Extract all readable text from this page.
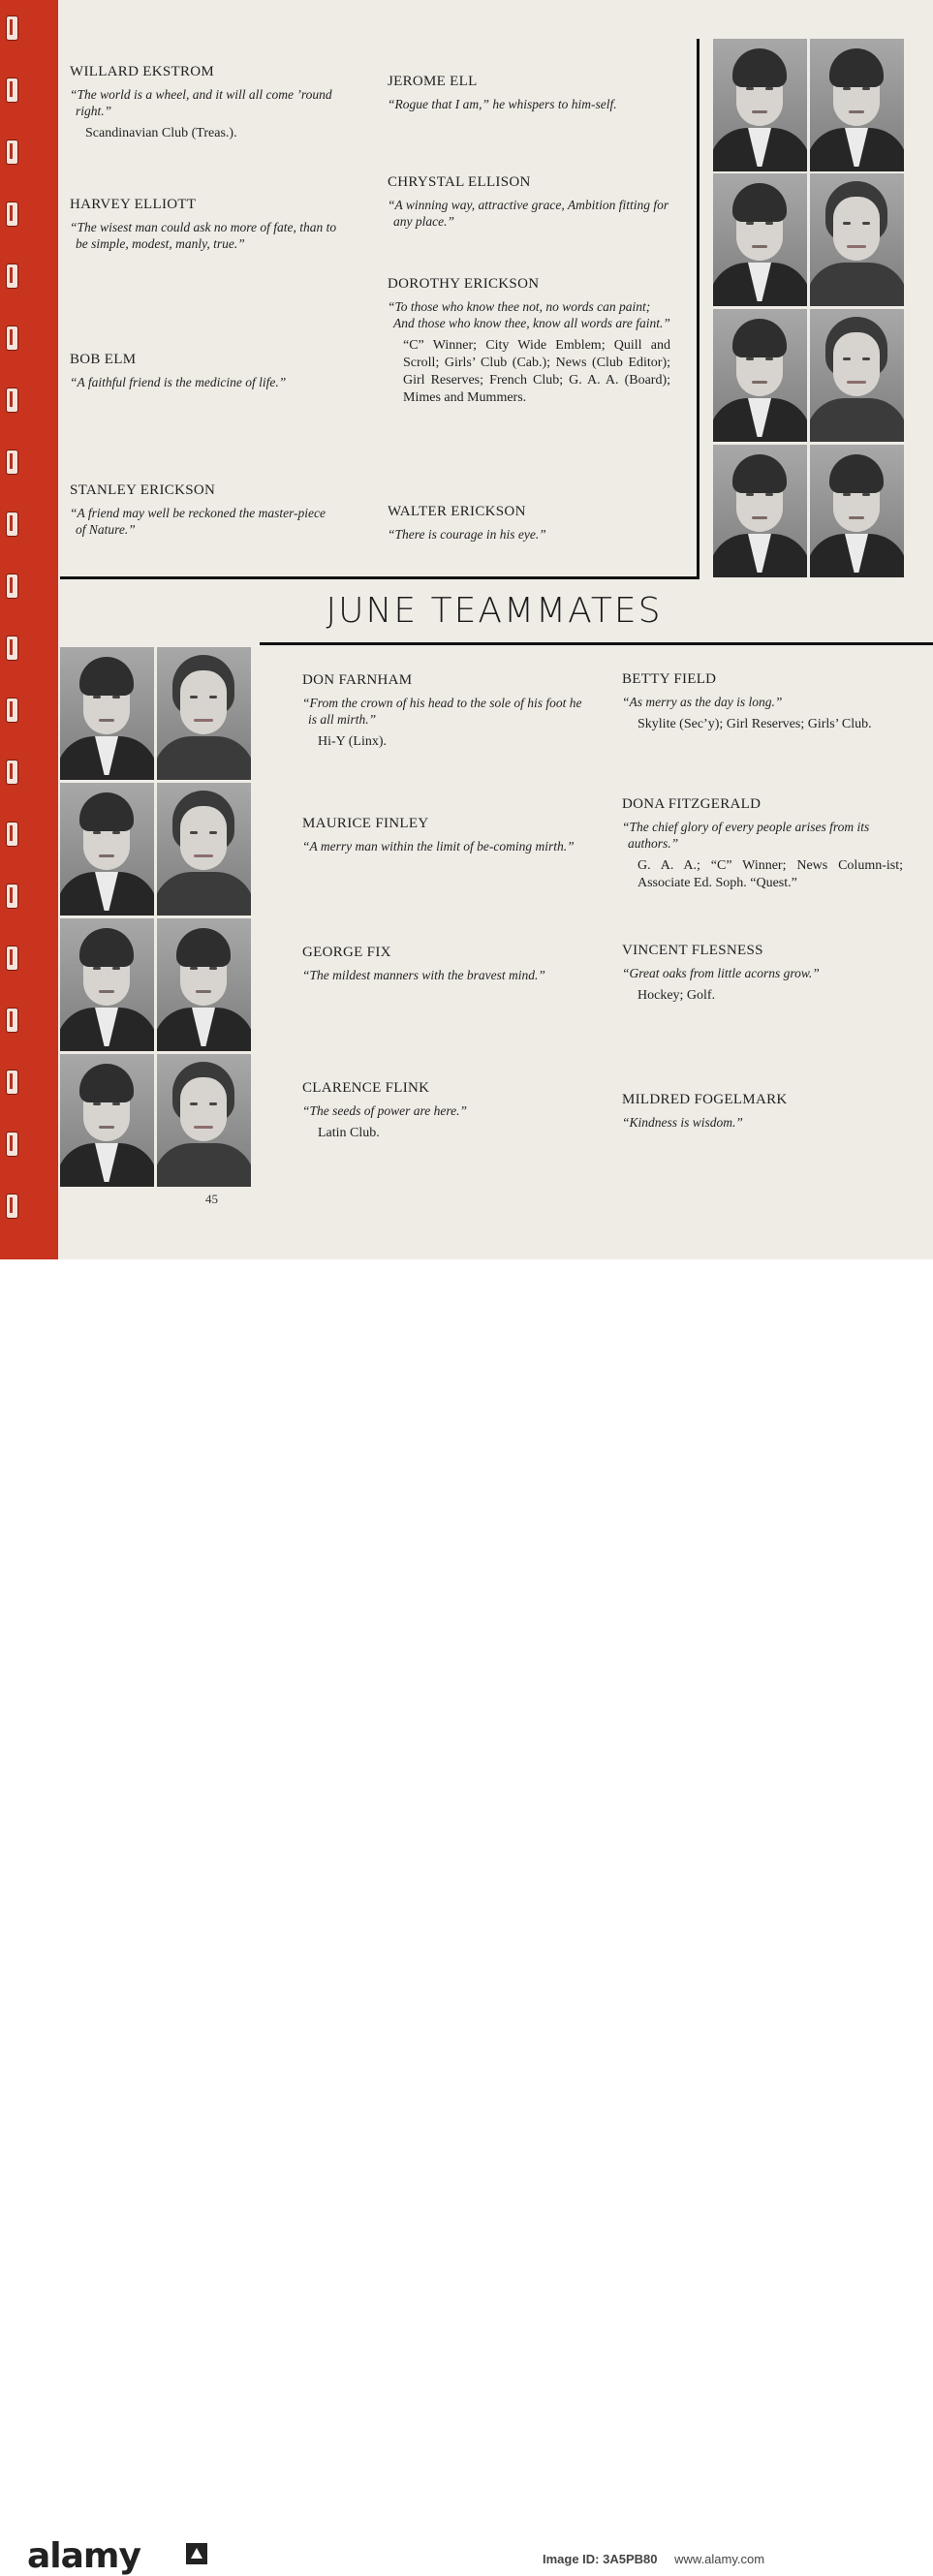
JUNE TEAMMATES
WILLARD EKSTROM
“The world is a wheel, and it will all come ’round right.”
Scandinavian Club (Treas.).
HARVEY ELLIOTT
“The wisest man could ask no more of fate, than to be simple, modest, manly, true.”
BOB ELM
“A faithful friend is the medicine of life.”
STANLEY ERICKSON
“A friend may well be reckoned the master-piece of Nature.”
JEROME ELL
“Rogue that I am,” he whispers to him-self.
CHRYSTAL ELLISON
“A winning way, attractive grace, Ambition fitting for any place.”
DOROTHY ERICKSON
“To those who know thee not, no words can paint; And those who know thee, know all words are faint.”
“C” Winner; City Wide Emblem; Quill and Scroll; Girls’ Club (Cab.); News (Club Editor); Girl Reserves; French Club; G. A. A. (Board); Mimes and Mummers.
WALTER ERICKSON
“There is courage in his eye.”
DON FARNHAM
“From the crown of his head to the sole of his foot he is all mirth.”
Hi-Y (Linx).
MAURICE FINLEY
“A merry man within the limit of be-coming mirth.”
GEORGE FIX
“The mildest manners with the bravest mind.”
CLARENCE FLINK
“The seeds of power are here.”
Latin Club.
BETTY FIELD
“As merry as the day is long.”
Skylite (Sec’y); Girl Reserves; Girls’ Club.
DONA FITZGERALD
“The chief glory of every people arises from its authors.”
G. A. A.; “C” Winner; News Column-ist; Associate Ed. Soph. “Quest.”
VINCENT FLESNESS
“Great oaks from little acorns grow.”
Hockey; Golf.
MILDRED FOGELMARK
“Kindness is wisdom.”
45
alamy	Image ID: 3A5PB80 www.alamy.com
